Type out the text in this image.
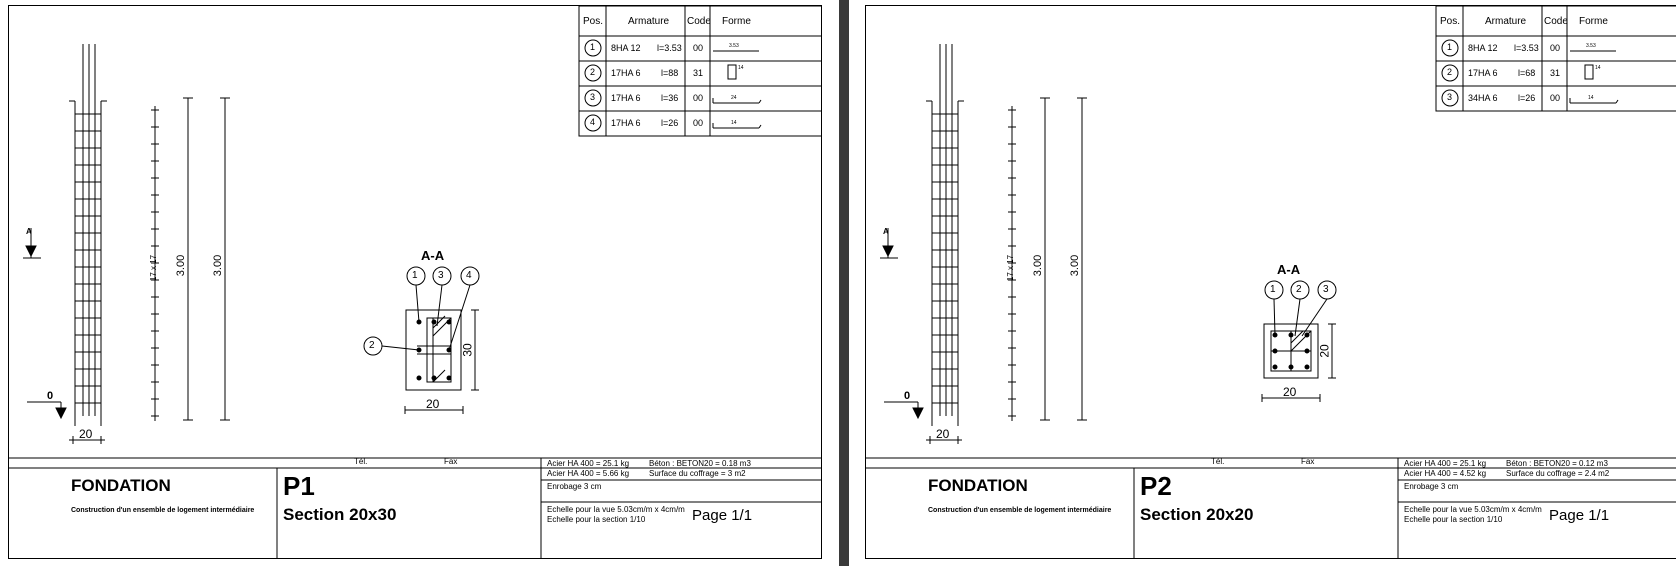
A
0
20
17 x 17 3.00 3.00	A-A
1 3 4
2
20
30
Pos. Armature Code Forme
1 8HA 12 l=3.53 00	3.53
2 17HA 6 l=88 31	14
3 17HA 6 l=36 00	24
4 17HA 6 l=26 00	14
Tél.	Fax
FONDATION
Construction d'un ensemble de logement intermédiaire
P1
Section 20x30
Acier HA 400 = 25.1 kg
Acier HA 400 = 5.66 kg
Béton : BETON20 = 0.18 m3
Surface du coffrage = 3 m2
Enrobage 3 cm
Echelle pour la vue 5.03cm/m x 4cm/m
Echelle pour la section 1/10	Page 1/1
A
0
20
17 x 17 3.00 3.00	A-A
1 2 3
20
20
Pos. Armature Code Forme
1 8HA 12 l=3.53 00	3.53
2 17HA 6 l=68 31	14
3 34HA 6 l=26 00	14
Tél.	Fax
FONDATION
Construction d'un ensemble de logement intermédiaire
P2
Section 20x20
Acier HA 400 = 25.1 kg
Acier HA 400 = 4.52 kg
Béton : BETON20 = 0.12 m3
Surface du coffrage = 2.4 m2
Enrobage 3 cm
Echelle pour la vue 5.03cm/m x 4cm/m
Echelle pour la section 1/10	Page 1/1
